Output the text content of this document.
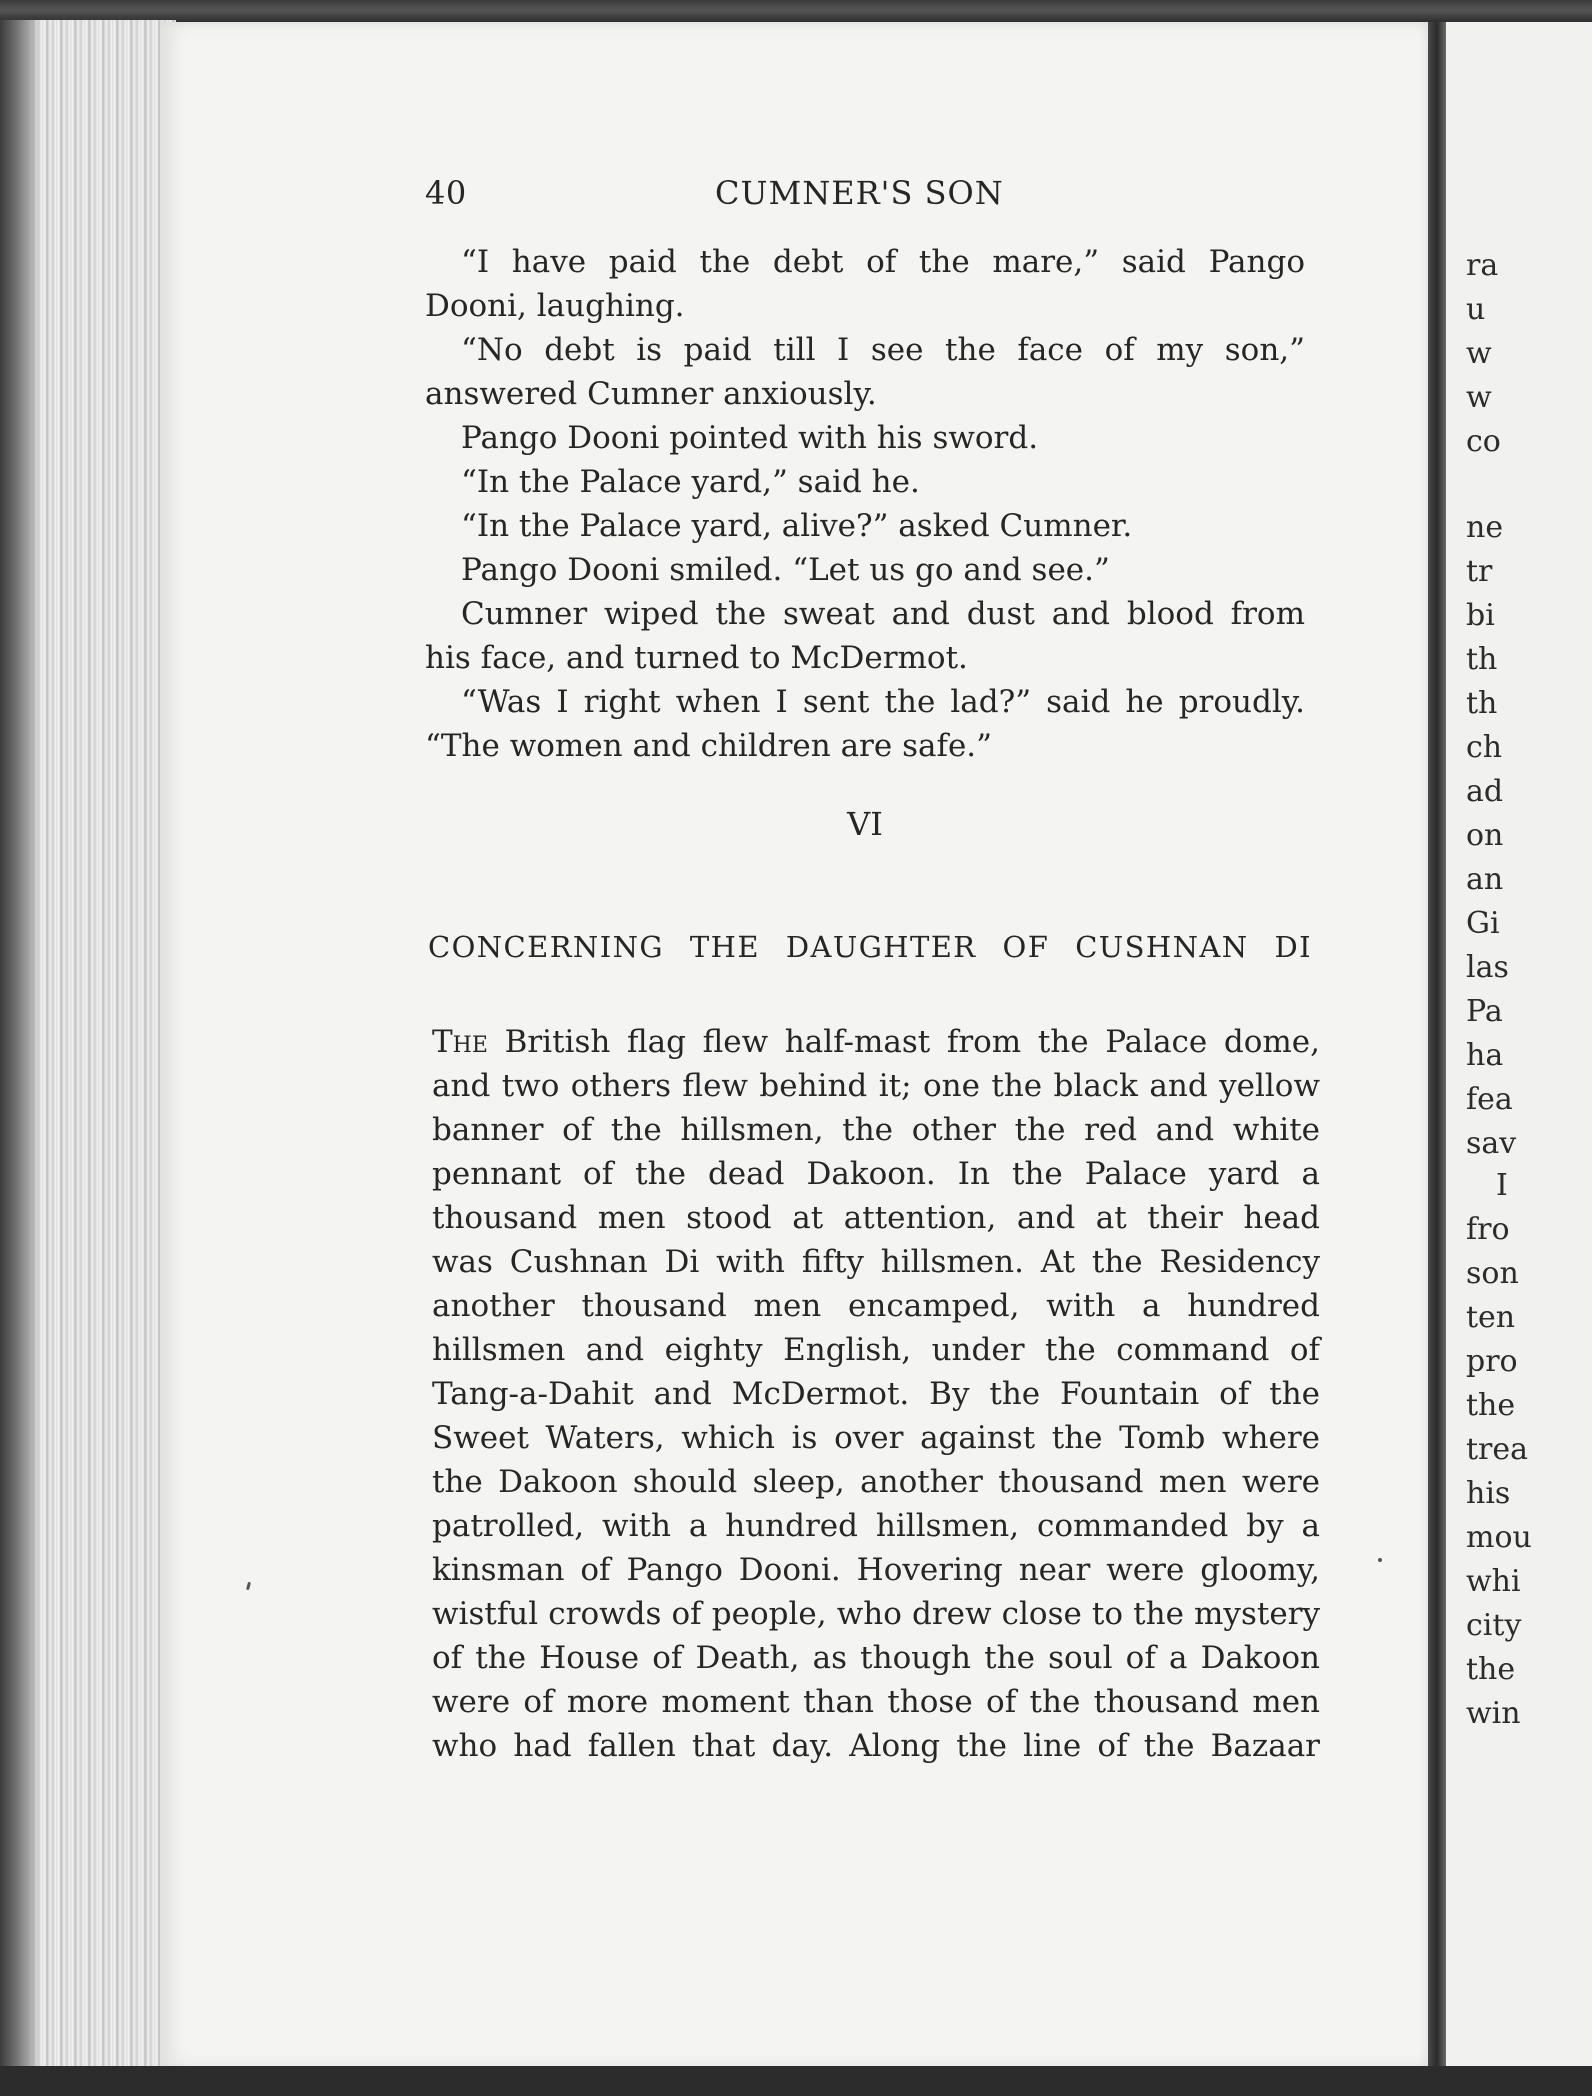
ra
u
w
w
co
ne
tr
bi
th
th
ch
ad
on
an
Gi
las
Pa
ha
fea
sav
I
fro
son
ten
pro
the
trea
his
mou
whi
city
the
win
40	CUMNER'S SON
“I have paid the debt of the mare,” said Pango
Dooni, laughing.
“No debt is paid till I see the face of my son,”
answered Cumner anxiously.
Pango Dooni pointed with his sword.
“In the Palace yard,” said he.
“In the Palace yard, alive?” asked Cumner.
Pango Dooni smiled. “Let us go and see.”
Cumner wiped the sweat and dust and blood from
his face, and turned to McDermot.
“Was I right when I sent the lad?” said he proudly.
“The women and children are safe.”
VI
CONCERNING THE DAUGHTER OF CUSHNAN DI
The British flag flew half-mast from the Palace dome,
and two others flew behind it; one the black and yellow
banner of the hillsmen, the other the red and white
pennant of the dead Dakoon. In the Palace yard a
thousand men stood at attention, and at their head
was Cushnan Di with fifty hillsmen. At the Residency
another thousand men encamped, with a hundred
hillsmen and eighty English, under the command of
Tang-a-Dahit and McDermot. By the Fountain of the
Sweet Waters, which is over against the Tomb where
the Dakoon should sleep, another thousand men were
patrolled, with a hundred hillsmen, commanded by a
kinsman of Pango Dooni. Hovering near were gloomy,
wistful crowds of people, who drew close to the mystery
of the House of Death, as though the soul of a Dakoon
were of more moment than those of the thousand men
who had fallen that day. Along the line of the Bazaar
